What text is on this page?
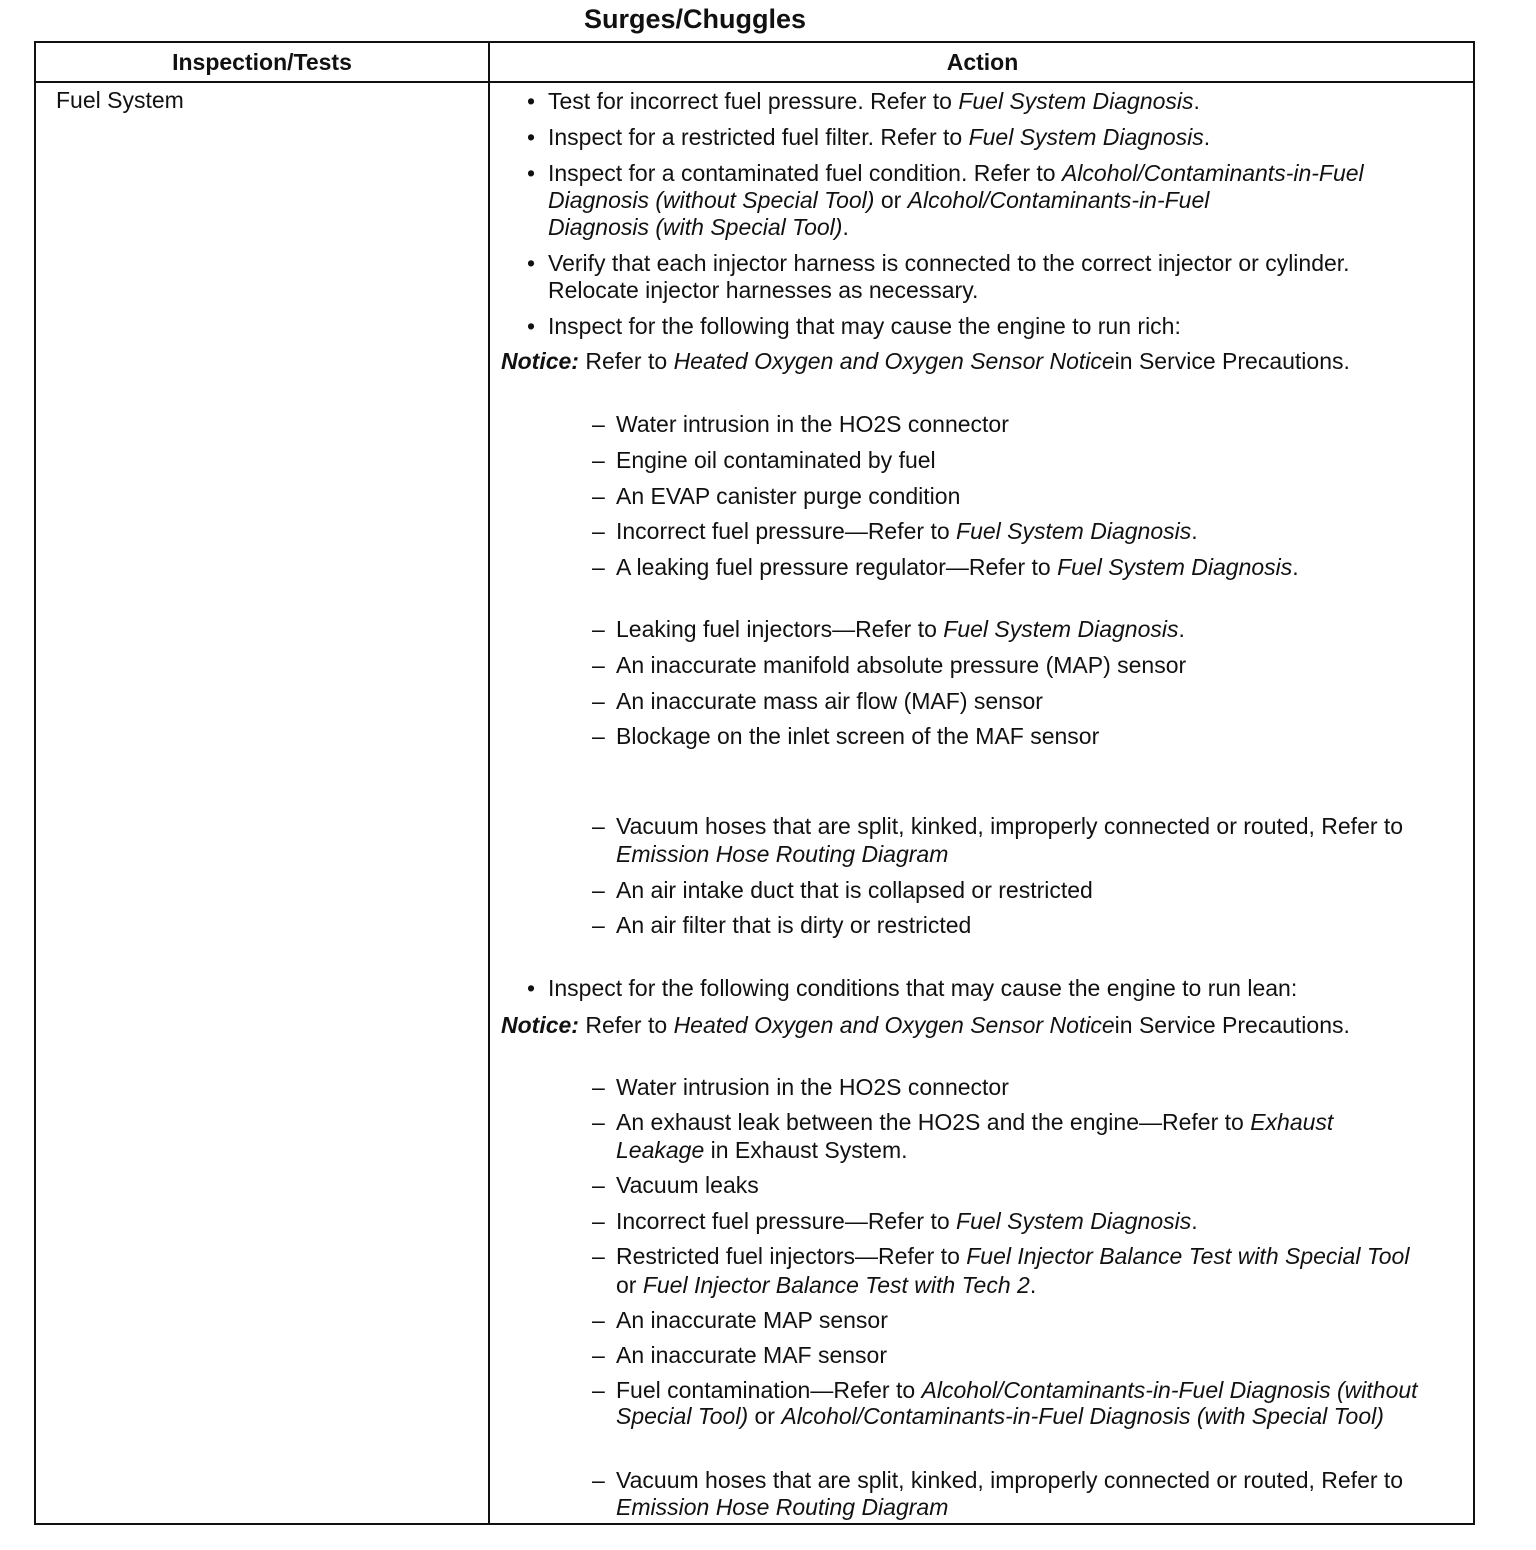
Surges/Chuggles
Inspection/Tests	Action
Fuel System
•	Test for incorrect fuel pressure. Refer to Fuel System Diagnosis.
• Inspect for a restricted fuel filter. Refer to Fuel System Diagnosis.
• Inspect for a contaminated fuel condition. Refer to Alcohol/Contaminants-in-Fuel
Diagnosis (without Special Tool) or Alcohol/Contaminants-in-Fuel
Diagnosis (with Special Tool).
• Verify that each injector harness is connected to the correct injector or cylinder.
Relocate injector harnesses as necessary.
• Inspect for the following that may cause the engine to run rich:
Notice: Refer to Heated Oxygen and Oxygen Sensor Noticein Service Precautions.
– Water intrusion in the HO2S connector
– Engine oil contaminated by fuel
– An EVAP canister purge condition
– Incorrect fuel pressure—Refer to Fuel System Diagnosis.
– A leaking fuel pressure regulator—Refer to Fuel System Diagnosis.
– Leaking fuel injectors—Refer to Fuel System Diagnosis.
– An inaccurate manifold absolute pressure (MAP) sensor
– An inaccurate mass air flow (MAF) sensor
– Blockage on the inlet screen of the MAF sensor
– Vacuum hoses that are split, kinked, improperly connected or routed, Refer to
Emission Hose Routing Diagram
– An air intake duct that is collapsed or restricted
– An air filter that is dirty or restricted
• Inspect for the following conditions that may cause the engine to run lean:
Notice: Refer to Heated Oxygen and Oxygen Sensor Noticein Service Precautions.
– Water intrusion in the HO2S connector
– An exhaust leak between the HO2S and the engine—Refer to Exhaust
Leakage in Exhaust System.
– Vacuum leaks
– Incorrect fuel pressure—Refer to Fuel System Diagnosis.
– Restricted fuel injectors—Refer to Fuel Injector Balance Test with Special Tool
or Fuel Injector Balance Test with Tech 2.
– An inaccurate MAP sensor
– An inaccurate MAF sensor
– Fuel contamination—Refer to Alcohol/Contaminants-in-Fuel Diagnosis (without
Special Tool) or Alcohol/Contaminants-in-Fuel Diagnosis (with Special Tool)
– Vacuum hoses that are split, kinked, improperly connected or routed, Refer to
Emission Hose Routing Diagram
